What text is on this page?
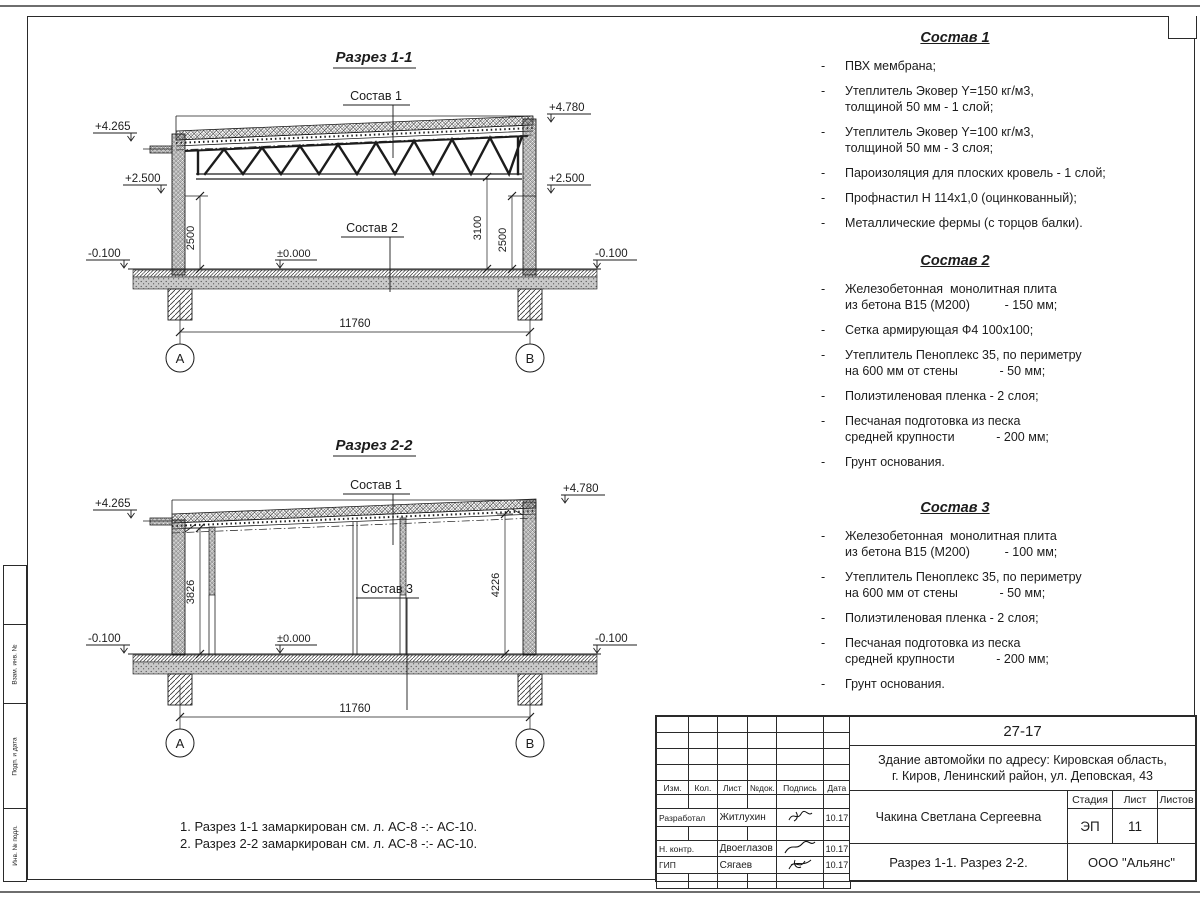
Взам. инв. №
Подп. и дата
Инв. № подл.
Разрез 1-1
Состав 1
Состав 2
±0.000
+4.265
+2.500
-0.100
+4.780
+2.500
-0.100
2500	3100 2500
11760
А	В
Разрез 2-2
Состав 1
±0.000
Состав 3
+4.265
+4.780
-0.100	-0.100
3826	4226
11760
А	В
Состав 1
- ПВХ мембрана;
- Утеплитель Эковер Y=150 кг/м3,
толщиной 50 мм - 1 слой;
- Утеплитель Эковер Y=100 кг/м3,
толщиной 50 мм - 3 слоя;
- Пароизоляция для плоских кровель - 1 слой;
- Профнастил Н 114х1,0 (оцинкованный);
- Металлические фермы (с торцов балки).
Состав 2
- Железобетонная  монолитная плита
из бетона В15 (М200)          - 150 мм;
- Сетка армирующая Ф4 100х100;
- Утеплитель Пеноплекс 35, по периметру
на 600 мм от стены            - 50 мм;
- Полиэтиленовая пленка - 2 слоя;
- Песчаная подготовка из песка
средней крупности            - 200 мм;
- Грунт основания.
Состав 3
- Железобетонная  монолитная плита
из бетона В15 (М200)          - 100 мм;
- Утеплитель Пеноплекс 35, по периметру
на 600 мм от стены            - 50 мм;
- Полиэтиленовая пленка - 2 слоя;
- Песчаная подготовка из песка
средней крупности            - 200 мм;
- Грунт основания.
1. Разрез 1-1 замаркирован см. л. АС-8 -:- АС-10.
2. Разрез 2-2 замаркирован см. л. АС-8 -:- АС-10.

Изм.	Кол.	Лист	№док.	Подпись	Дата

Разработал		Житлухин			10.17

Н. контр.		Двоеглазов			10.17
ГИП		Сягаев			10.17

27-17
Здание автомойки по адресу: Кировская область,
г. Киров, Ленинский район, ул. Деповская, 43
Чакина Светлана Сергеевна
Стадия Лист Листов
ЭП 11
Разрез 1-1. Разрез 2-2.	ООО "Альянс"
